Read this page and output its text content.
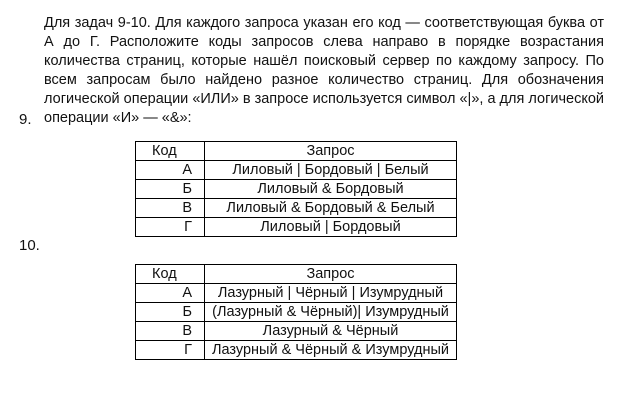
Для задач 9-10. Для каждого запроса указан его код — соответствующая буква от А до Г. Расположите коды запросов слева направо в порядке возрастания количества страниц, которые нашёл поисковый сервер по каждому запросу. По всем запросам было найдено разное количество страниц. Для обозначения логической операции «ИЛИ» в запросе используется символ «|», а для логической операции «И» — «&»:

9.
Код	Запрос
А	Лиловый | Бордовый | Белый
Б	Лиловый & Бордовый
В	Лиловый & Бордовый & Белый
Г	Лиловый | Бордовый
10.
Код	Запрос
А	Лазурный | Чёрный | Изумрудный
Б	(Лазурный & Чёрный)| Изумрудный
В	Лазурный & Чёрный
Г	Лазурный & Чёрный & Изумрудный
